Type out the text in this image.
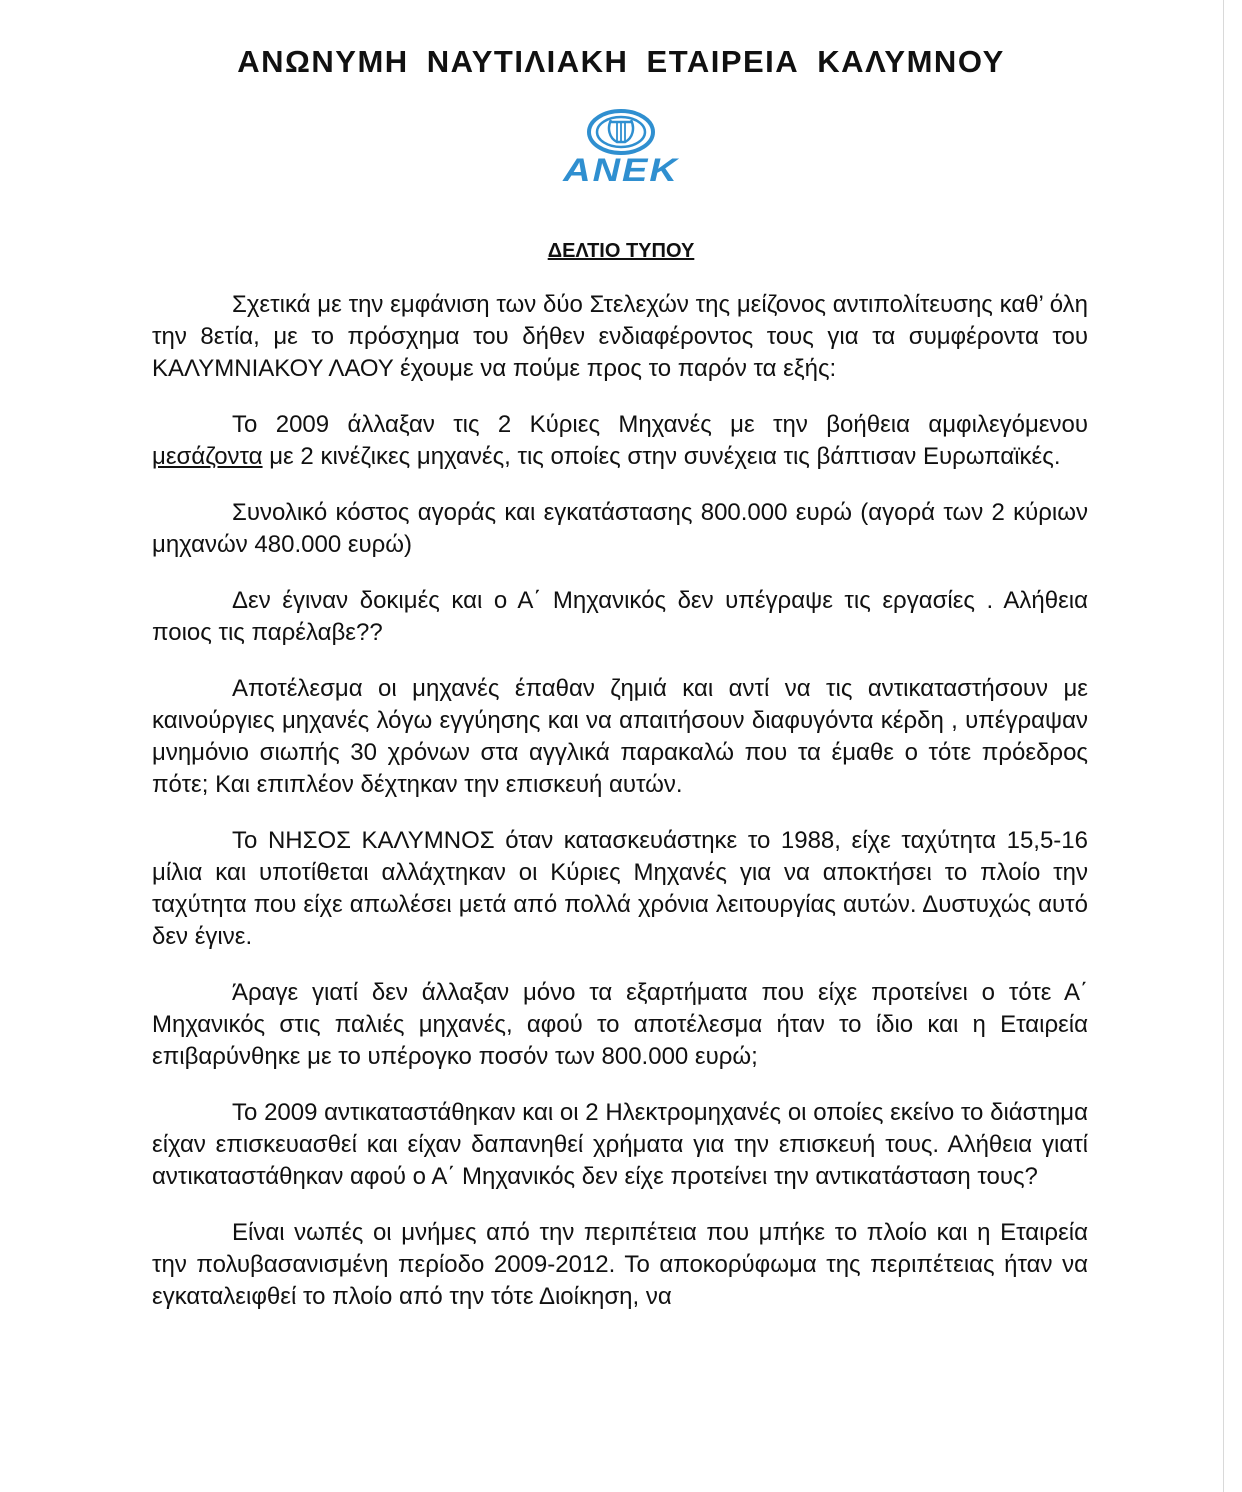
ΑΝΩΝΥΜΗ ΝΑΥΤΙΛΙΑΚΗ ΕΤΑΙΡΕΙΑ ΚΑΛΥΜΝΟΥ
ANEK
ΔΕΛΤΙΟ ΤΥΠΟΥ

Σχετικά με την εμφάνιση των δύο Στελεχών της μείζονος αντιπολίτευσης καθ’ όλη την 8ετία, με το πρόσχημα του δήθεν ενδιαφέροντος τους για τα συμφέροντα του ΚΑΛΥΜΝΙΑΚΟΥ ΛΑΟΥ έχουμε να πούμε προς το παρόν τα εξής:

Το 2009 άλλαξαν τις 2 Κύριες Μηχανές με την βοήθεια αμφιλεγόμενου μεσάζοντα με 2 κινέζικες μηχανές, τις οποίες στην συνέχεια τις βάπτισαν Ευρωπαϊκές.

Συνολικό κόστος αγοράς και εγκατάστασης 800.000 ευρώ (αγορά των 2 κύριων μηχανών 480.000 ευρώ)

Δεν έγιναν δοκιμές και ο Α΄ Μηχανικός δεν υπέγραψε τις εργασίες . Αλήθεια ποιος τις παρέλαβε??

Αποτέλεσμα οι μηχανές έπαθαν ζημιά και αντί να τις αντικαταστήσουν με καινούργιες μηχανές λόγω εγγύησης και να απαιτήσουν διαφυγόντα κέρδη , υπέγραψαν μνημόνιο σιωπής 30 χρόνων στα αγγλικά παρακαλώ που τα έμαθε ο τότε πρόεδρος πότε; Και επιπλέον δέχτηκαν την επισκευή αυτών.

Το ΝΗΣΟΣ ΚΑΛΥΜΝΟΣ όταν κατασκευάστηκε το 1988, είχε ταχύτητα 15,5-16 μίλια και υποτίθεται αλλάχτηκαν οι Κύριες Μηχανές για να αποκτήσει το πλοίο την ταχύτητα που είχε απωλέσει μετά από πολλά χρόνια λειτουργίας αυτών. Δυστυχώς αυτό δεν έγινε.

Άραγε γιατί δεν άλλαξαν μόνο τα εξαρτήματα που είχε προτείνει ο τότε Α΄ Μηχανικός στις παλιές μηχανές, αφού το αποτέλεσμα ήταν το ίδιο και η Εταιρεία επιβαρύνθηκε με το υπέρογκο ποσόν των 800.000 ευρώ;

Το 2009 αντικαταστάθηκαν και οι 2 Ηλεκτρομηχανές οι οποίες εκείνο το διάστημα είχαν επισκευασθεί και είχαν δαπανηθεί χρήματα για την επισκευή τους. Αλήθεια γιατί αντικαταστάθηκαν αφού ο Α΄ Μηχανικός δεν είχε προτείνει την αντικατάσταση τους?

Είναι νωπές οι μνήμες από την περιπέτεια που μπήκε το πλοίο και η Εταιρεία την πολυβασανισμένη περίοδο 2009-2012. Το αποκορύφωμα της περιπέτειας ήταν να εγκαταλειφθεί το πλοίο από την τότε Διοίκηση, να
